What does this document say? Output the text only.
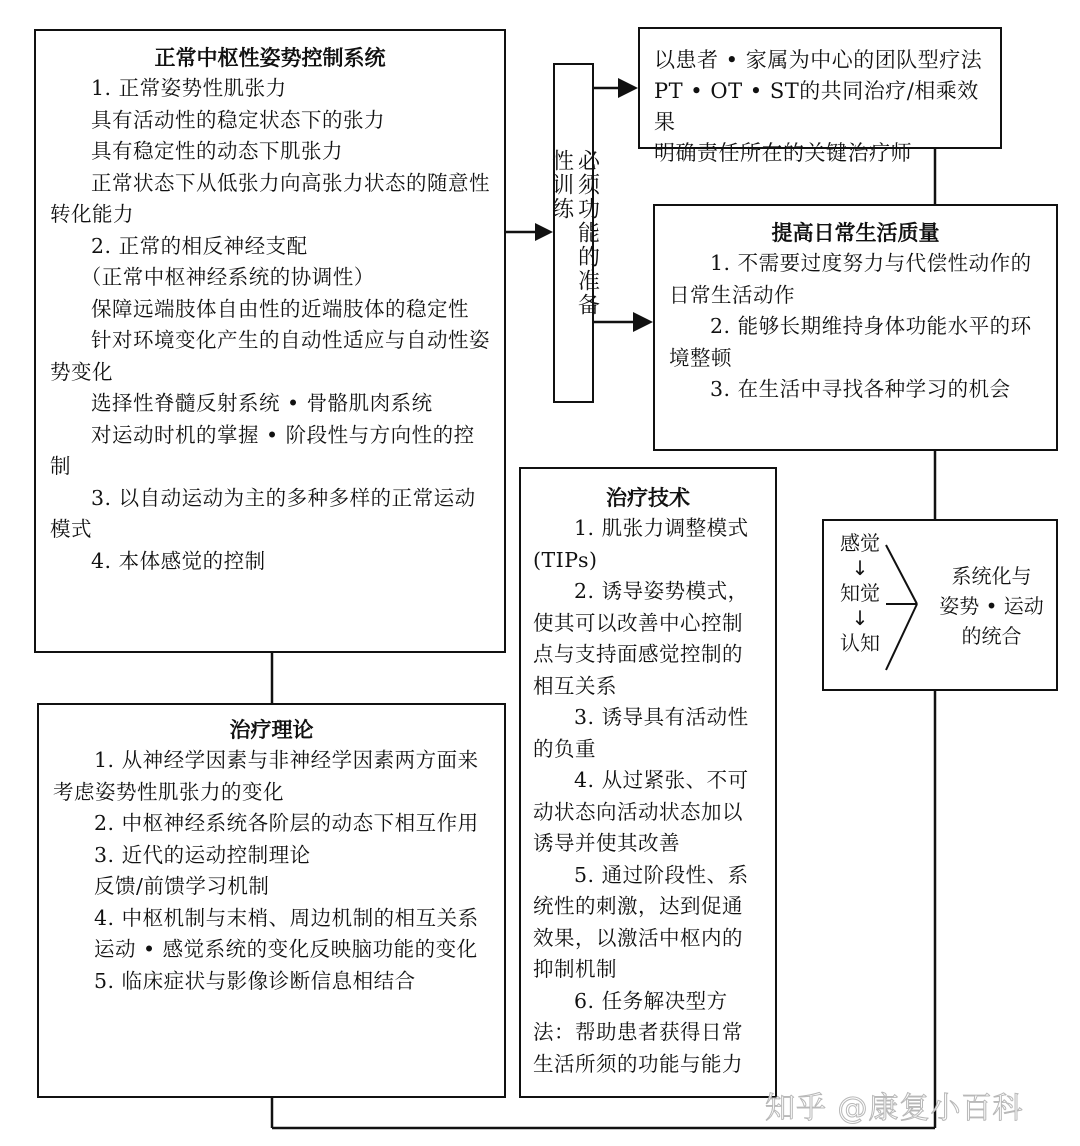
正常中枢性姿势控制系统

1. 正常姿势性肌张力

具有活动性的稳定状态下的张力

具有稳定性的动态下肌张力

正常状态下从低张力向高张力状态的随意性转化能力

2. 正常的相反神经支配

（正常中枢神经系统的协调性）

保障远端肢体自由性的近端肢体的稳定性

针对环境变化产生的自动性适应与自动性姿势变化

选择性脊髓反射系统 • 骨骼肌肉系统

对运动时机的掌握 • 阶段性与方向性的控制

3. 以自动运动为主的多种多样的正常运动模式

4. 本体感觉的控制

必须功能的准备性训练
以患者 • 家属为中心的团队型疗法
PT • OT • ST的共同治疗/相乘效果
明确责任所在的关键治疗师
提高日常生活质量

1. 不需要过度努力与代偿性动作的日常生活动作

2. 能够长期维持身体功能水平的环境整顿

3. 在生活中寻找各种学习的机会

治疗技术

1. 肌张力调整模式(TIPs)

2. 诱导姿势模式，使其可以改善中心控制点与支持面感觉控制的相互关系

3. 诱导具有活动性的负重

4. 从过紧张、不可动状态向活动状态加以诱导并使其改善

5. 通过阶段性、系统性的刺激，达到促通效果，以激活中枢内的抑制机制

6. 任务解决型方法：帮助患者获得日常生活所须的功能与能力

感觉
↓
知觉
↓
认知
系统化与
姿势 • 运动
的统合
治疗理论

1. 从神经学因素与非神经学因素两方面来考虑姿势性肌张力的变化

2. 中枢神经系统各阶层的动态下相互作用

3. 近代的运动控制理论

反馈/前馈学习机制

4. 中枢机制与末梢、周边机制的相互关系

运动 • 感觉系统的变化反映脑功能的变化

5. 临床症状与影像诊断信息相结合

知乎 @康复小百科
